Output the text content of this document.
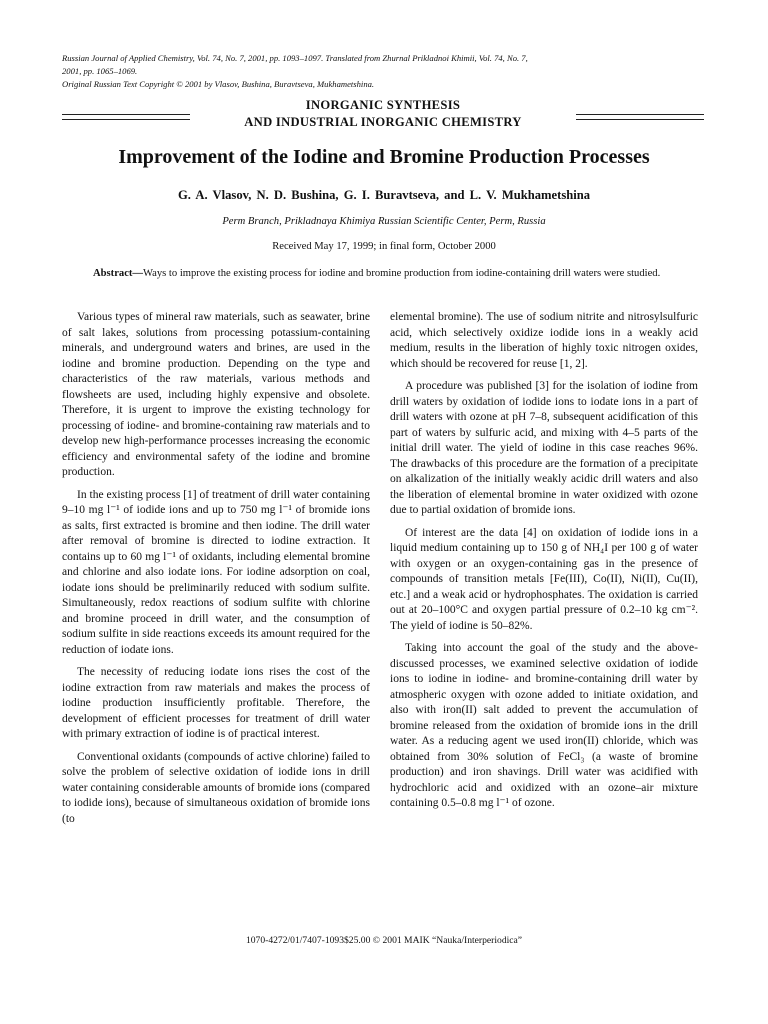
Russian Journal of Applied Chemistry, Vol. 74, No. 7, 2001, pp. 1093–1097. Translated from Zhurnal Prikladnoi Khimii, Vol. 74, No. 7,
2001, pp. 1065–1069.
Original Russian Text Copyright © 2001 by Vlasov, Bushina, Buravtseva, Mukhametshina.
INORGANIC SYNTHESIS
AND INDUSTRIAL INORGANIC CHEMISTRY
Improvement of the Iodine and Bromine Production Processes
G. A. Vlasov, N. D. Bushina, G. I. Buravtseva, and L. V. Mukhametshina
Perm Branch, Prikladnaya Khimiya Russian Scientific Center, Perm, Russia
Received May 17, 1999; in final form, October 2000
Abstract—Ways to improve the existing process for iodine and bromine production from iodine-containing drill waters were studied.

Various types of mineral raw materials, such as seawater, brine of salt lakes, solutions from processing potassium-containing minerals, and underground waters and brines, are used in the iodine and bromine production. Depending on the type and characteristics of the raw materials, various methods and flowsheets are used, including highly expensive and obsolete. Therefore, it is urgent to improve the existing technology for processing of iodine- and bromine-containing raw materials and to develop new high-performance processes increasing the economic efficiency and environmental safety of the iodine and bromine production.

In the existing process [1] of treatment of drill water containing 9–10 mg l⁻¹ of iodide ions and up to 750 mg l⁻¹ of bromide ions as salts, first extracted is bromine and then iodine. The drill water after removal of bromine is directed to iodine extraction. It contains up to 60 mg l⁻¹ of oxidants, including elemental bromine and chlorine and also iodate ions. For iodine adsorption on coal, iodate ions should be preliminarily reduced with sodium sulfite. Simultaneously, redox reactions of sodium sulfite with chlorine and bromine proceed in drill water, and the consumption of sodium sulfite in side reactions exceeds its amount required for the reduction of iodate ions.

The necessity of reducing iodate ions rises the cost of the iodine extraction from raw materials and makes the process of iodine production insufficiently profitable. Therefore, the development of efficient processes for treatment of drill water with primary extraction of iodine is of practical interest.

Conventional oxidants (compounds of active chlorine) failed to solve the problem of selective oxidation of iodide ions in drill water containing considerable amounts of bromide ions (compared to iodide ions), because of simultaneous oxidation of bromide ions (to

elemental bromine). The use of sodium nitrite and nitrosylsulfuric acid, which selectively oxidize iodide ions in a weakly acid medium, results in the liberation of highly toxic nitrogen oxides, which should be recovered for reuse [1, 2].

A procedure was published [3] for the isolation of iodine from drill waters by oxidation of iodide ions to iodate ions in a part of drill waters with ozone at pH 7–8, subsequent acidification of this part of waters by sulfuric acid, and mixing with 4–5 parts of the initial drill water. The yield of iodine in this case reaches 96%. The drawbacks of this procedure are the formation of a precipitate on alkalization of the initially weakly acidic drill waters and also the liberation of elemental bromine in water oxidized with ozone due to partial oxidation of bromide ions.

Of interest are the data [4] on oxidation of iodide ions in a liquid medium containing up to 150 g of NH₄I per 100 g of water with oxygen or an oxygen-containing gas in the presence of compounds of transition metals [Fe(III), Co(II), Ni(II), Cu(II), etc.] and a weak acid or hydrophosphates. The oxidation is carried out at 20–100°C and oxygen partial pressure of 0.2–10 kg cm⁻². The yield of iodine is 50–82%.

Taking into account the goal of the study and the above-discussed processes, we examined selective oxidation of iodide ions to iodine in iodine- and bromine-containing drill water by atmospheric oxygen with ozone added to initiate oxidation, and also with iron(II) salt added to prevent the accumulation of bromine released from the oxidation of bromide ions in the drill water. As a reducing agent we used iron(II) chloride, which was obtained from 30% solution of FeCl₃ (a waste of bromine production) and iron shavings. Drill water was acidified with hydrochloric acid and oxidized with an ozone–air mixture containing 0.5–0.8 mg l⁻¹ of ozone.

1070-4272/01/7407-1093$25.00 © 2001 MAIK “Nauka/Interperiodica”
